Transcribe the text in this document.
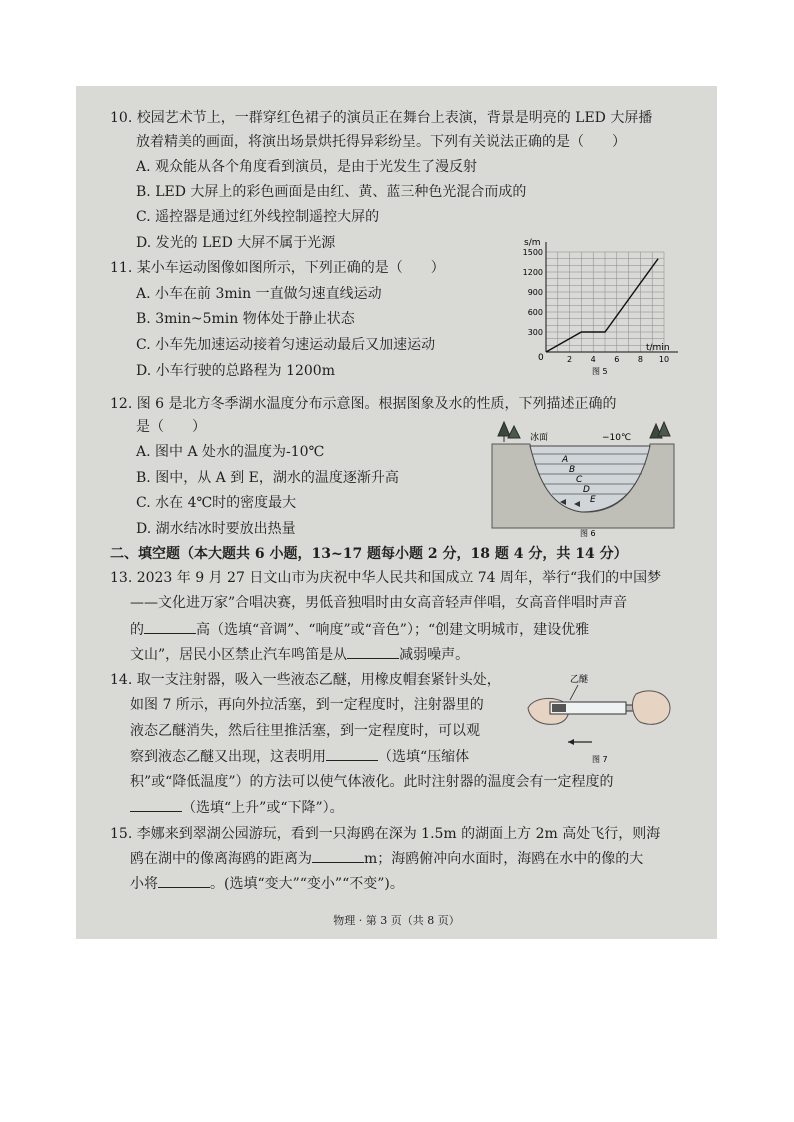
10. 校园艺术节上，一群穿红色裙子的演员正在舞台上表演，背景是明亮的 LED 大屏播
放着精美的画面，将演出场景烘托得异彩纷呈。下列有关说法正确的是（　　）
A. 观众能从各个角度看到演员，是由于光发生了漫反射
B. LED 大屏上的彩色画面是由红、黄、蓝三种色光混合而成的
C. 遥控器是通过红外线控制遥控大屏的
D. 发光的 LED 大屏不属于光源
11. 某小车运动图像如图所示，下列正确的是（　　）
A. 小车在前 3min 一直做匀速直线运动
B. 3min~5min 物体处于静止状态
C. 小车先加速运动接着匀速运动最后又加速运动
D. 小车行驶的总路程为 1200m
300
600
900
1200
1500
2 4 6 8 10
s/m
t/min
0
图 5
12. 图 6 是北方冬季湖水温度分布示意图。根据图象及水的性质，下列描述正确的
是（　　）
A. 图中 A 处水的温度为-10℃
B. 图中，从 A 到 E，湖水的温度逐渐升高
C. 水在 4℃时的密度最大
D. 湖水结冰时要放出热量
冰面	−10℃
A
B
C
D
E
图 6
二、填空题（本大题共 6 小题，13~17 题每小题 2 分，18 题 4 分，共 14 分）
13. 2023 年 9 月 27 日文山市为庆祝中华人民共和国成立 74 周年，举行“我们的中国梦
——文化进万家”合唱决赛，男低音独唱时由女高音轻声伴唱，女高音伴唱时声音
的	高（选填“音调”、“响度”或“音色”）；“创建文明城市，建设优雅
文山”，居民小区禁止汽车鸣笛是从	减弱噪声。
14. 取一支注射器，吸入一些液态乙醚，用橡皮帽套紧针头处，
如图 7 所示，再向外拉活塞，到一定程度时，注射器里的
液态乙醚消失，然后往里推活塞，到一定程度时，可以观
察到液态乙醚又出现，这表明用	（选填“压缩体
积”或“降低温度”）的方法可以使气体液化。此时注射器的温度会有一定程度的
（选填“上升”或“下降”）。
乙醚
图 7
15. 李娜来到翠湖公园游玩，看到一只海鸥在深为 1.5m 的湖面上方 2m 高处飞行，则海
鸥在湖中的像离海鸥的距离为	m；海鸥俯冲向水面时，海鸥在水中的像的大
小将	。(选填“变大”“变小”“不变”)。
物理 · 第 3 页（共 8 页）
